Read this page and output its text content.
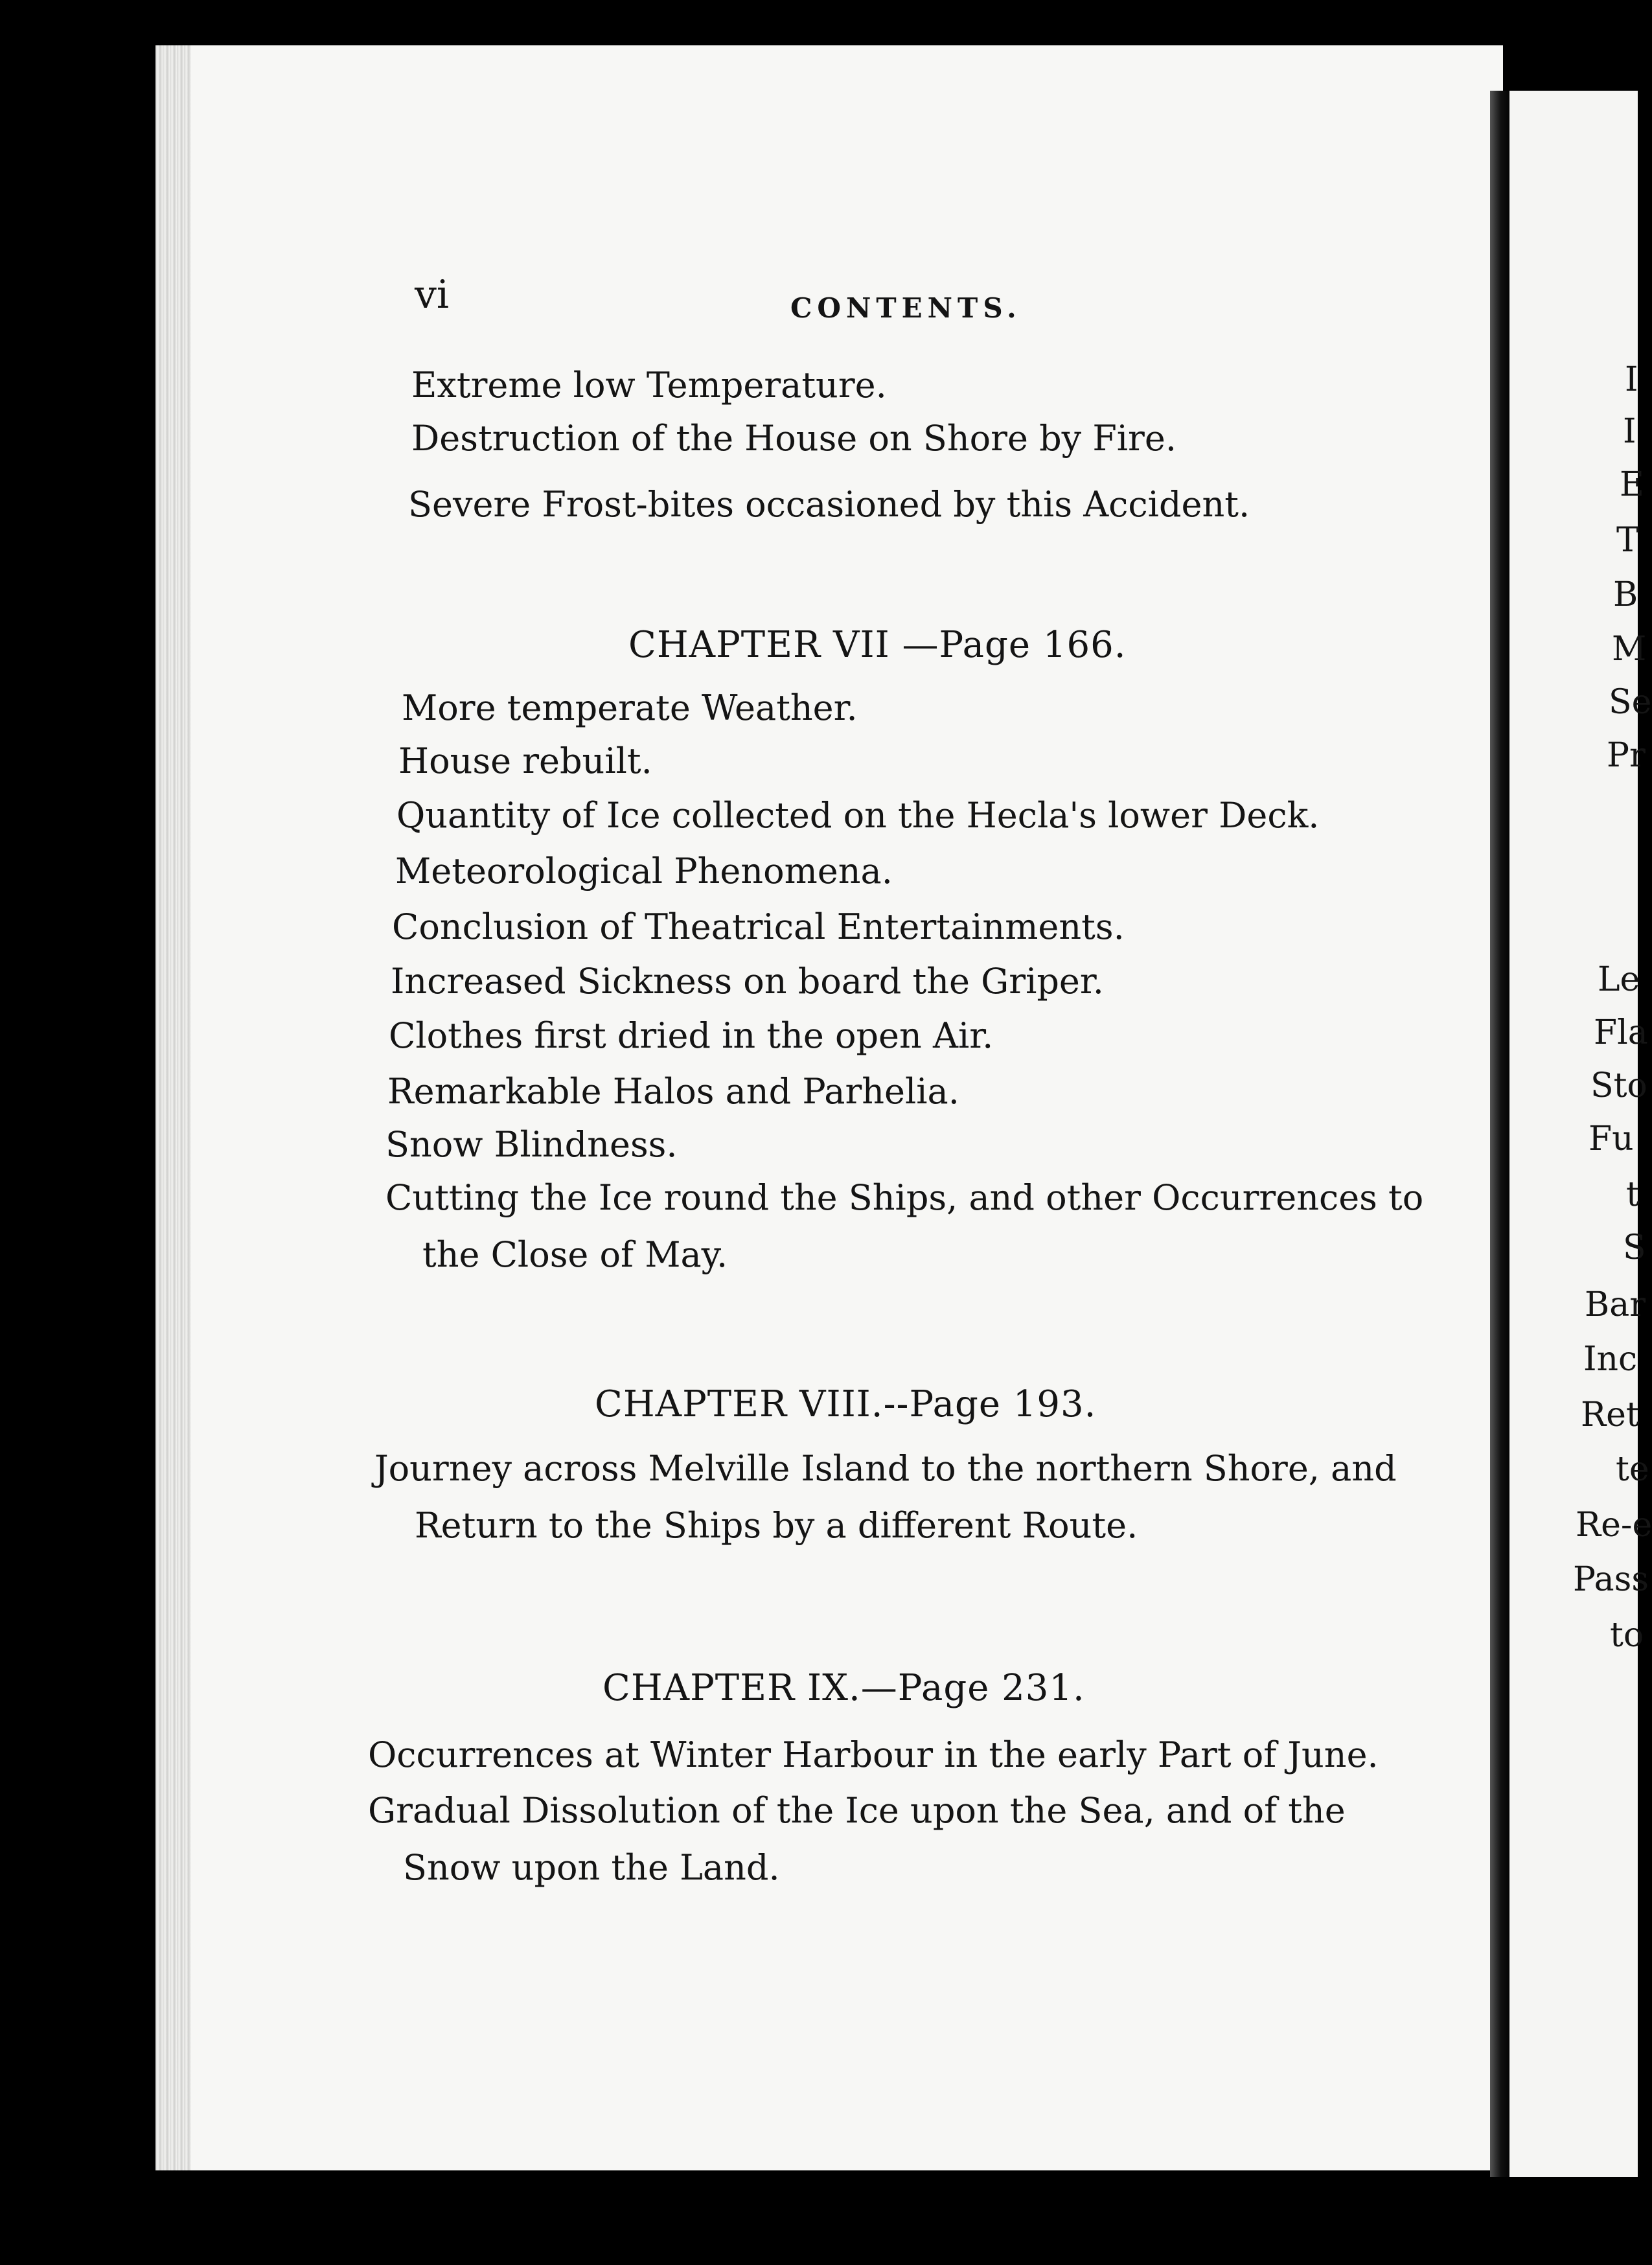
vi	CONTENTS.
Extreme low Temperature.
Destruction of the House on Shore by Fire.
Severe Frost-bites occasioned by this Accident.
CHAPTER VII —Page 166.
More temperate Weather.
House rebuilt.
Quantity of Ice collected on the Hecla's lower Deck.
Meteorological Phenomena.
Conclusion of Theatrical Entertainments.
Increased Sickness on board the Griper.
Clothes first dried in the open Air.
Remarkable Halos and Parhelia.
Snow Blindness.
Cutting the Ice round the Ships, and other Occurrences to
the Close of May.
CHAPTER VIII.--Page 193.
Journey across Melville Island to the northern Shore, and
Return to the Ships by a different Route.
CHAPTER IX.—Page 231.
Occurrences at Winter Harbour in the early Part of June.
Gradual Dissolution of the Ice upon the Sea, and of the
Snow upon the Land.
I
I
E
T
B
M
Se
Pr
Le
Fla
Sto
Fu
t
S
Bar
Inc
Ret
te
Re-e
Pass
to
